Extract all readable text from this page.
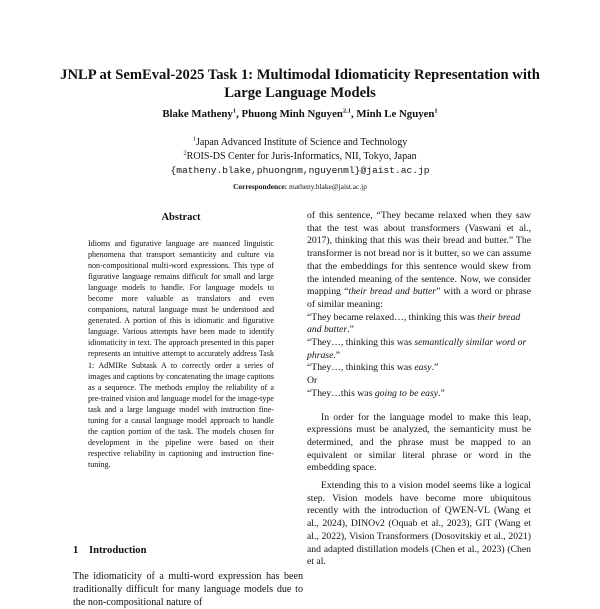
JNLP at SemEval-2025 Task 1: Multimodal Idiomaticity Representation with Large Language Models
Blake Matheny$^1$, Phuong Minh Nguyen$^{2,1}$, Minh Le Nguyen$^1$
$^1$Japan Advanced Institute of Science and Technology
$^2$ROIS-DS Center for Juris-Informatics, NII, Tokyo, Japan
{matheny.blake,phuongnm,nguyenml}@jaist.ac.jp
Correspondence: matheny.blake@jaist.ac.jp
Abstract

Idioms and figurative language are nuanced linguistic phenomena that transport semanticity and culture via non-compositional multi-word expressions. This type of figurative language remains difficult for small and large language models to handle. For language models to become more valuable as translators and even companions, natural language must be understood and generated. A portion of this is idiomatic and figurative language. Various attempts have been made to identify idiomaticity in text. The approach presented in this paper represents an intuitive attempt to accurately address Task 1: AdMIRe Subtask A to correctly order a series of images and captions by concatenating the image captions as a sequence. The methods employ the reliability of a pre-trained vision and language model for the image-type task and a large language model with instruction fine-tuning for a causal language model approach to handle the caption portion of the task. The models chosen for development in the pipeline were based on their respective reliability in captioning and instruction fine-tuning.

1 Introduction

The idiomaticity of a multi-word expression has been traditionally difficult for many language models due to the non-compositional nature of

of this sentence, “They became relaxed when they saw that the test was about transformers (Vaswani et al., 2017), thinking that this was their bread and butter.” The transformer is not bread nor is it butter, so we can assume that the embeddings for this sentence would skew from the intended meaning of the sentence. Now, we consider mapping “their bread and butter” with a word or phrase of similar meaning:

“They became relaxed…, thinking this was their bread and butter.”

“They…, thinking this was semantically similar word or phrase.”

“They…, thinking this was easy.”

Or

“They…this was going to be easy.”

In order for the language model to make this leap, expressions must be analyzed, the semanticity must be determined, and the phrase must be mapped to an equivalent or similar literal phrase or word in the embedding space.

Extending this to a vision model seems like a logical step. Vision models have become more ubiquitous recently with the introduction of QWEN-VL (Wang et al., 2024), DINOv2 (Oquab et al., 2023), GIT (Wang et al., 2022), Vision Transformers (Dosovitskiy et al., 2021) and adapted distillation models (Chen et al., 2023) (Chen et al.
